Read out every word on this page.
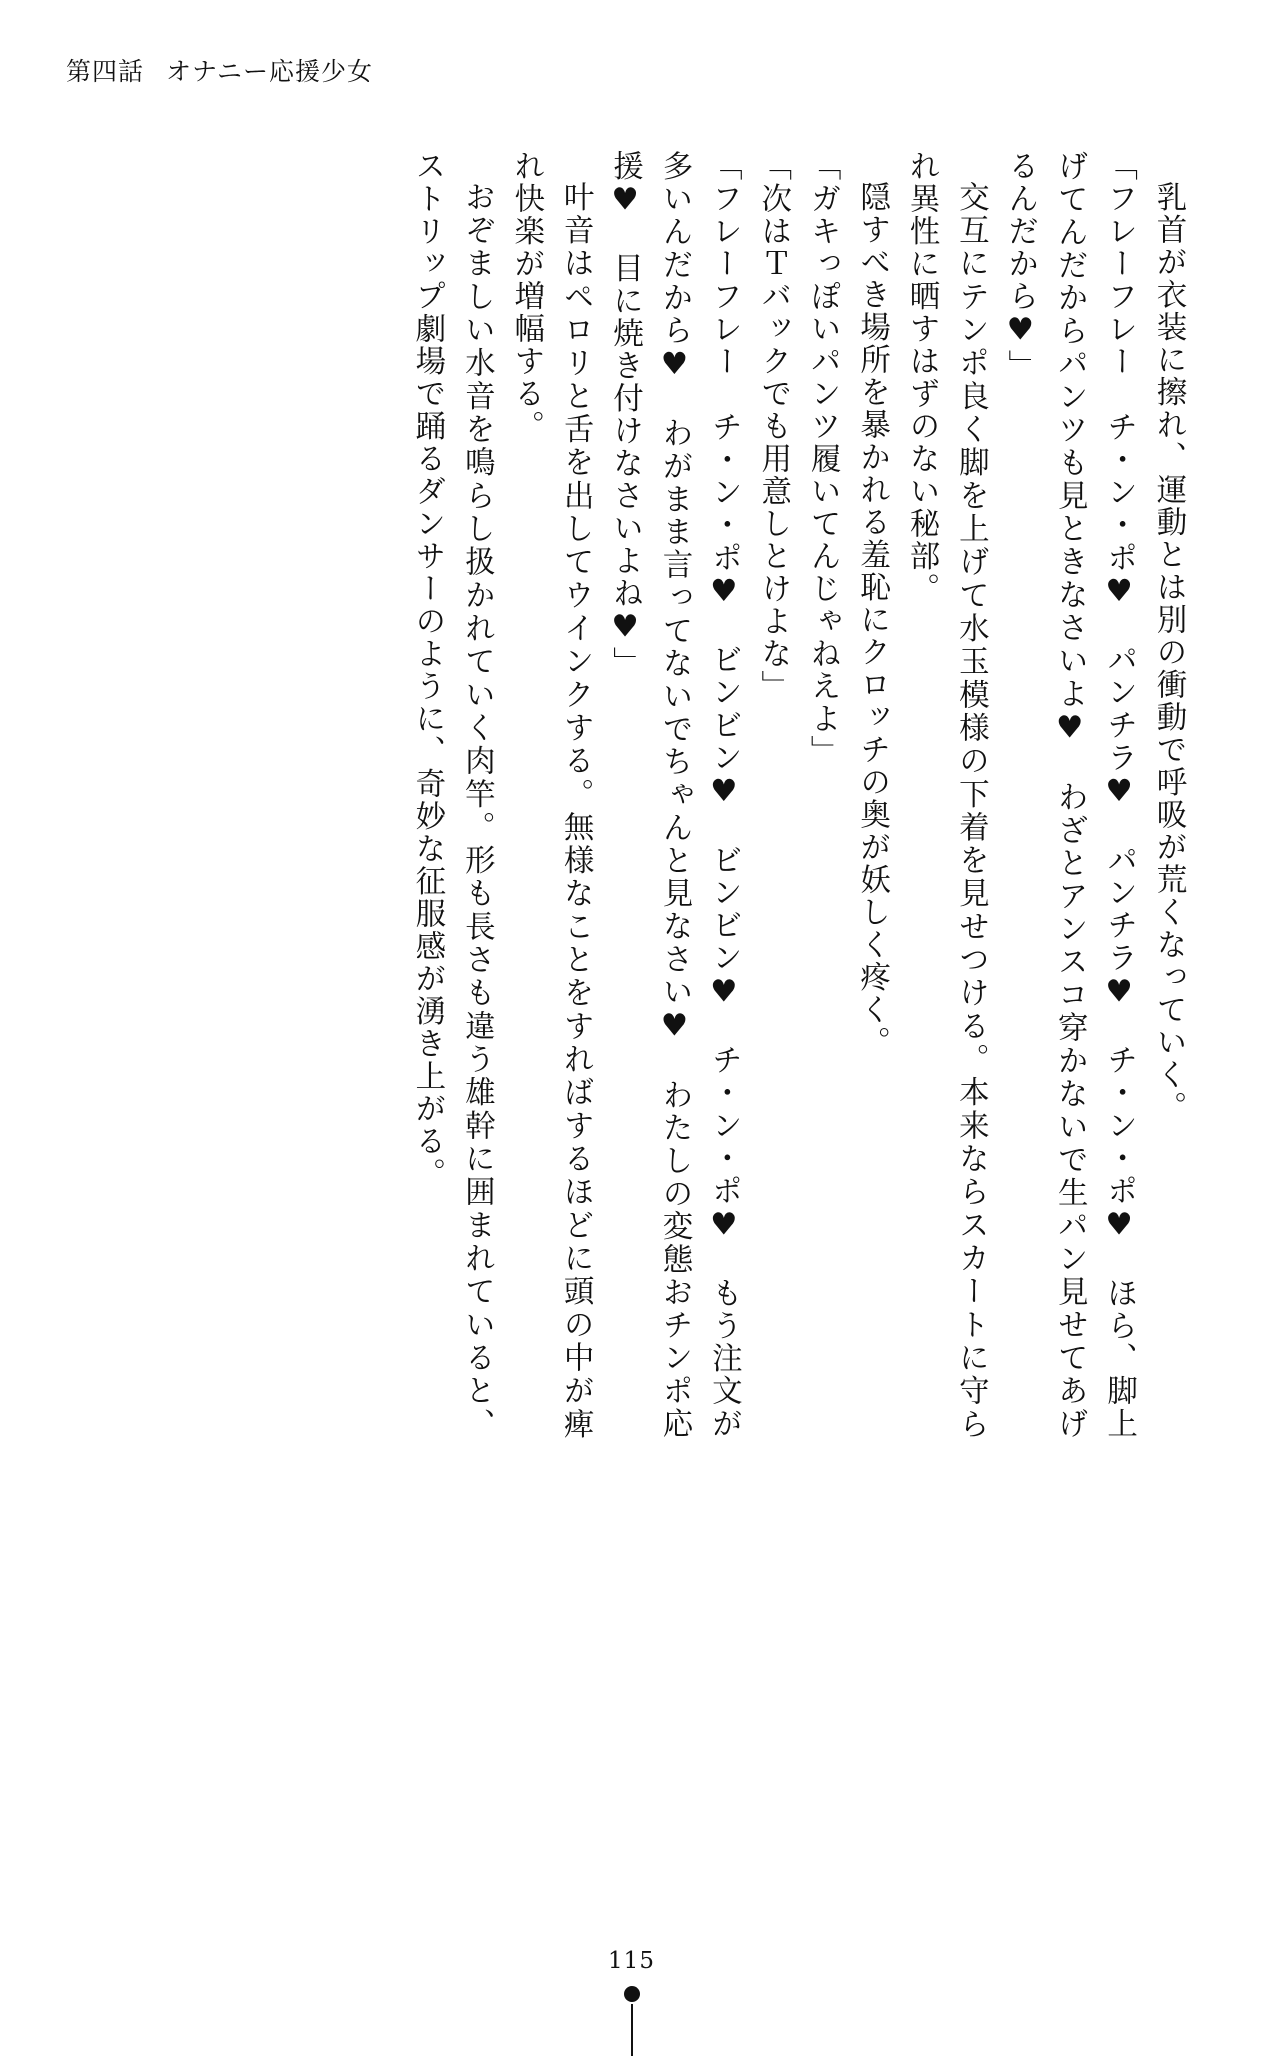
第四話 オナニー応援少女

乳首が衣装に擦れ、運動とは別の衝動で呼吸が荒くなっていく。

「フレーフレー　チ・ン・ポ♥　パンチラ♥　パンチラ♥　チ・ン・ポ♥　ほら、脚上げてんだからパンツも見ときなさいよ♥　わざとアンスコ穿かないで生パン見せてあげるんだから♥」

交互にテンポ良く脚を上げて水玉模様の下着を見せつける。本来ならスカートに守られ異性に晒すはずのない秘部。

隠すべき場所を暴かれる羞恥にクロッチの奥が妖しく疼く。

「ガキっぽいパンツ履いてんじゃねえよ」

「次はＴバックでも用意しとけよな」

「フレーフレー　チ・ン・ポ♥　ビンビン♥　ビンビン♥　チ・ン・ポ♥　もう注文が多いんだから♥　わがまま言ってないでちゃんと見なさい♥　わたしの変態おチンポ応援♥　目に焼き付けなさいよね♥」

叶音はペロリと舌を出してウインクする。無様なことをすればするほどに頭の中が痺れ快楽が増幅する。

おぞましい水音を鳴らし扱かれていく肉竿。形も長さも違う雄幹に囲まれていると、ストリップ劇場で踊るダンサーのように、奇妙な征服感が湧き上がる。

115
